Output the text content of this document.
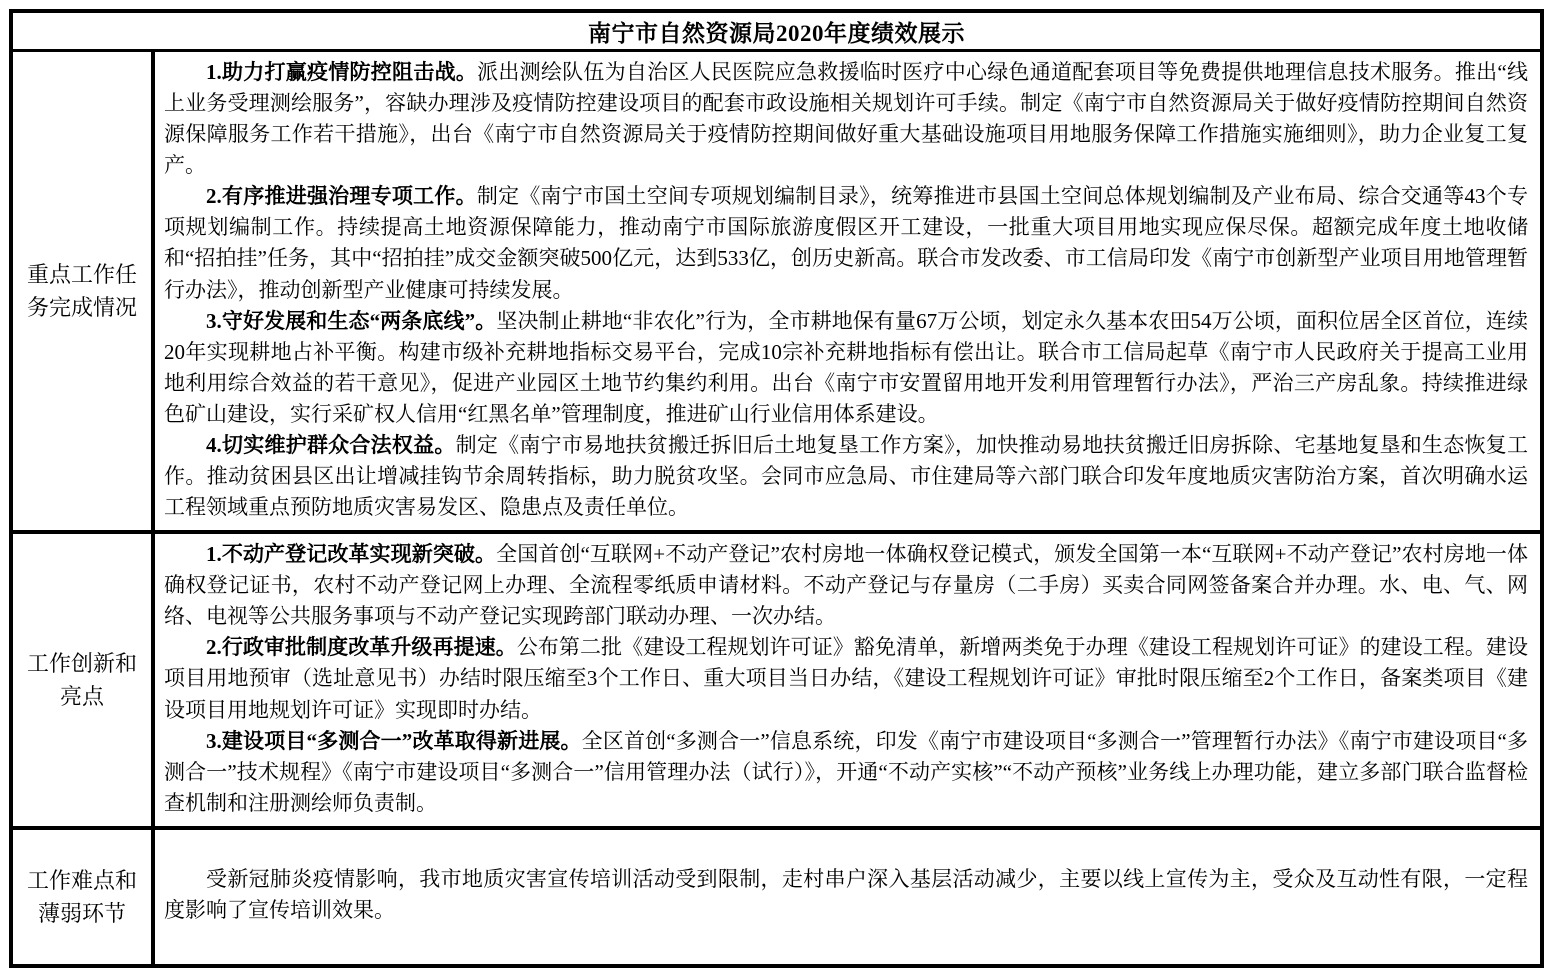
南宁市自然资源局2020年度绩效展示
重点工作任务完成情况

1.助力打赢疫情防控阻击战。派出测绘队伍为自治区人民医院应急救援临时医疗中心绿色通道配套项目等免费提供地理信息技术服务。推出“线上业务受理测绘服务”，容缺办理涉及疫情防控建设项目的配套市政设施相关规划许可手续。制定《南宁市自然资源局关于做好疫情防控期间自然资源保障服务工作若干措施》，出台《南宁市自然资源局关于疫情防控期间做好重大基础设施项目用地服务保障工作措施实施细则》，助力企业复工复产。

2.有序推进强治理专项工作。制定《南宁市国土空间专项规划编制目录》，统筹推进市县国土空间总体规划编制及产业布局、综合交通等43个专项规划编制工作。持续提高土地资源保障能力，推动南宁市国际旅游度假区开工建设，一批重大项目用地实现应保尽保。超额完成年度土地收储和“招拍挂”任务，其中“招拍挂”成交金额突破500亿元，达到533亿，创历史新高。联合市发改委、市工信局印发《南宁市创新型产业项目用地管理暂行办法》，推动创新型产业健康可持续发展。

3.守好发展和生态“两条底线”。坚决制止耕地“非农化”行为，全市耕地保有量67万公顷，划定永久基本农田54万公顷，面积位居全区首位，连续20年实现耕地占补平衡。构建市级补充耕地指标交易平台，完成10宗补充耕地指标有偿出让。联合市工信局起草《南宁市人民政府关于提高工业用地利用综合效益的若干意见》，促进产业园区土地节约集约利用。出台《南宁市安置留用地开发利用管理暂行办法》，严治三产房乱象。持续推进绿色矿山建设，实行采矿权人信用“红黑名单”管理制度，推进矿山行业信用体系建设。

4.切实维护群众合法权益。制定《南宁市易地扶贫搬迁拆旧后土地复垦工作方案》，加快推动易地扶贫搬迁旧房拆除、宅基地复垦和生态恢复工作。推动贫困县区出让增减挂钩节余周转指标，助力脱贫攻坚。会同市应急局、市住建局等六部门联合印发年度地质灾害防治方案，首次明确水运工程领域重点预防地质灾害易发区、隐患点及责任单位。

工作创新和亮点

1.不动产登记改革实现新突破。全国首创“互联网+不动产登记”农村房地一体确权登记模式，颁发全国第一本“互联网+不动产登记”农村房地一体确权登记证书，农村不动产登记网上办理、全流程零纸质申请材料。不动产登记与存量房（二手房）买卖合同网签备案合并办理。水、电、气、网络、电视等公共服务事项与不动产登记实现跨部门联动办理、一次办结。

2.行政审批制度改革升级再提速。公布第二批《建设工程规划许可证》豁免清单，新增两类免于办理《建设工程规划许可证》的建设工程。建设项目用地预审（选址意见书）办结时限压缩至3个工作日、重大项目当日办结，《建设工程规划许可证》审批时限压缩至2个工作日，备案类项目《建设项目用地规划许可证》实现即时办结。

3.建设项目“多测合一”改革取得新进展。全区首创“多测合一”信息系统，印发《南宁市建设项目“多测合一”管理暂行办法》《南宁市建设项目“多测合一”技术规程》《南宁市建设项目“多测合一”信用管理办法（试行）》，开通“不动产实核”“不动产预核”业务线上办理功能，建立多部门联合监督检查机制和注册测绘师负责制。

工作难点和薄弱环节

受新冠肺炎疫情影响，我市地质灾害宣传培训活动受到限制，走村串户深入基层活动减少，主要以线上宣传为主，受众及互动性有限，一定程度影响了宣传培训效果。
